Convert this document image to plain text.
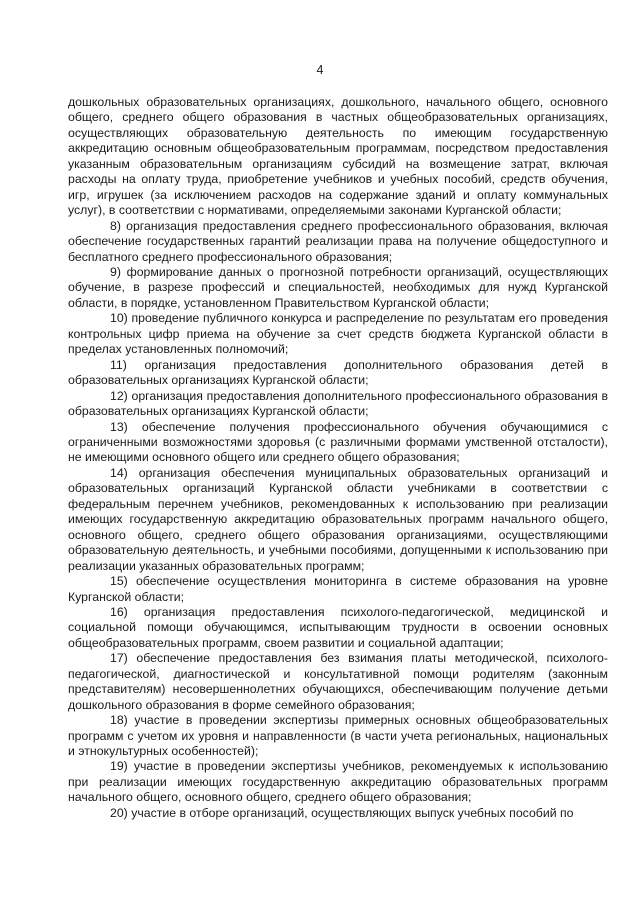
4

дошкольных образовательных организациях, дошкольного, начального общего, основного общего, среднего общего образования в частных общеобразовательных организациях, осуществляющих образовательную деятельность по имеющим государственную аккредитацию основным общеобразовательным программам, посредством предоставления указанным образовательным организациям субсидий на возмещение затрат, включая расходы на оплату труда, приобретение учебников и учебных пособий, средств обучения, игр, игрушек (за исключением расходов на содержание зданий и оплату коммунальных услуг), в соответствии с нормативами, определяемыми законами Курганской области;

8) организация предоставления среднего профессионального образования, включая обеспечение государственных гарантий реализации права на получение общедоступного и бесплатного среднего профессионального образования;

9) формирование данных о прогнозной потребности организаций, осуществляющих обучение, в разрезе профессий и специальностей, необходимых для нужд Курганской области, в порядке, установленном Правительством Курганской области;

10) проведение публичного конкурса и распределение по результатам его проведения контрольных цифр приема на обучение за счет средств бюджета Курганской области в пределах установленных полномочий;

11) организация предоставления дополнительного образования детей в образовательных организациях Курганской области;

12) организация предоставления дополнительного профессионального образования в образовательных организациях Курганской области;

13) обеспечение получения профессионального обучения обучающимися с ограниченными возможностями здоровья (с различными формами умственной отсталости), не имеющими основного общего или среднего общего образования;

14) организация обеспечения муниципальных образовательных организаций и образовательных организаций Курганской области учебниками в соответствии с федеральным перечнем учебников, рекомендованных к использованию при реализации имеющих государственную аккредитацию образовательных программ начального общего, основного общего, среднего общего образования организациями, осуществляющими образовательную деятельность, и учебными пособиями, допущенными к использованию при реализации указанных образовательных программ;

15) обеспечение осуществления мониторинга в системе образования на уровне Курганской области;

16) организация предоставления психолого-педагогической, медицинской и социальной помощи обучающимся, испытывающим трудности в освоении основных общеобразовательных программ, своем развитии и социальной адаптации;

17) обеспечение предоставления без взимания платы методической, психолого-педагогической, диагностической и консультативной помощи родителям (законным представителям) несовершеннолетних обучающихся, обеспечивающим получение детьми дошкольного образования в форме семейного образования;

18) участие в проведении экспертизы примерных основных общеобразовательных программ с учетом их уровня и направленности (в части учета региональных, национальных и этнокультурных особенностей);

19) участие в проведении экспертизы учебников, рекомендуемых к использованию при реализации имеющих государственную аккредитацию образовательных программ начального общего, основного общего, среднего общего образования;

20) участие в отборе организаций, осуществляющих выпуск учебных пособий по
